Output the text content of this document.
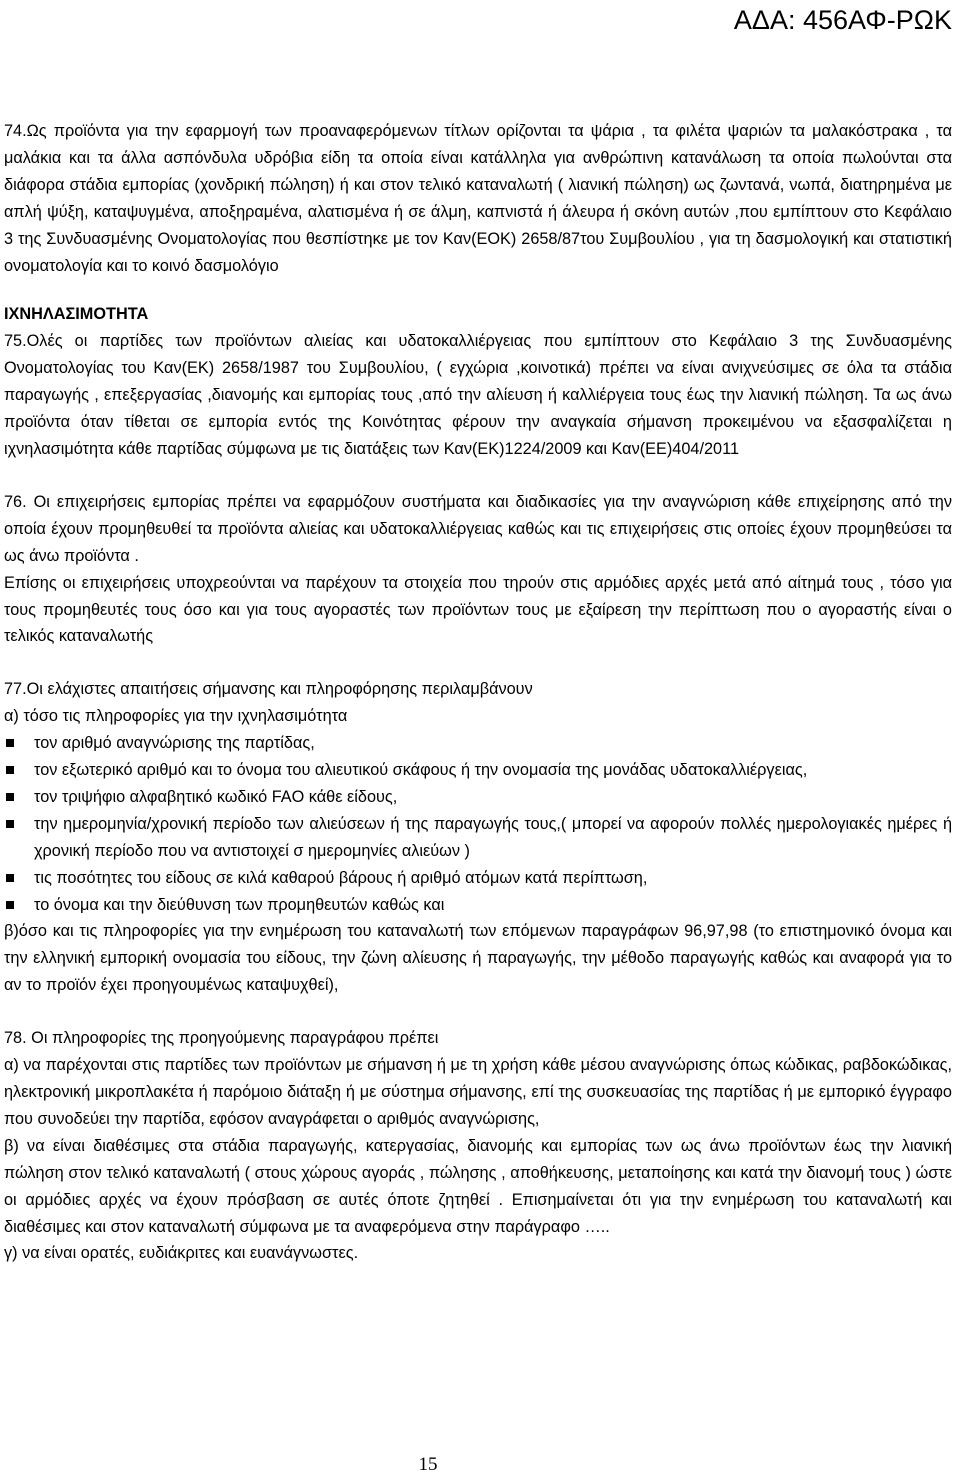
ΑΔΑ: 456ΑΦ-ΡΩΚ

74.Ως προϊόντα για την εφαρμογή των προαναφερόμενων τίτλων ορίζονται τα ψάρια , τα φιλέτα ψαριών τα μαλακόστρακα , τα μαλάκια και τα άλλα ασπόνδυλα υδρόβια είδη τα οποία είναι κατάλληλα για ανθρώπινη κατανάλωση τα οποία πωλούνται στα διάφορα στάδια εμπορίας (χονδρική πώληση) ή και στον τελικό καταναλωτή ( λιανική πώληση) ως ζωντανά, νωπά, διατηρημένα με απλή ψύξη, καταψυγμένα, αποξηραμένα, αλατισμένα ή σε άλμη, καπνιστά ή άλευρα ή σκόνη αυτών ,που εμπίπτουν στο Κεφάλαιο 3 της Συνδυασμένης Ονοματολογίας που θεσπίστηκε με τον Καν(ΕΟΚ) 2658/87του Συμβουλίου , για τη δασμολογική και στατιστική ονοματολογία και το κοινό δασμολόγιο

ΙΧΝΗΛΑΣΙΜΟΤΗΤΑ

75.Ολές οι παρτίδες των προϊόντων αλιείας και υδατοκαλλιέργειας που εμπίπτουν στο Κεφάλαιο 3 της Συνδυασμένης Ονοματολογίας του Καν(ΕΚ) 2658/1987 του Συμβουλίου, ( εγχώρια ,κοινοτικά) πρέπει να είναι ανιχνεύσιμες σε όλα τα στάδια παραγωγής , επεξεργασίας ,διανομής και εμπορίας τους ,από την αλίευση ή καλλιέργεια τους έως την λιανική πώληση. Τα ως άνω προϊόντα όταν τίθεται σε εμπορία εντός της Κοινότητας φέρουν την αναγκαία σήμανση προκειμένου να εξασφαλίζεται η ιχνηλασιμότητα κάθε παρτίδας σύμφωνα με τις διατάξεις των Καν(ΕΚ)1224/2009 και Καν(ΕΕ)404/2011

76. Οι επιχειρήσεις εμπορίας πρέπει να εφαρμόζουν συστήματα και διαδικασίες για την αναγνώριση κάθε επιχείρησης από την οποία έχουν προμηθευθεί τα προϊόντα αλιείας και υδατοκαλλιέργειας καθώς και τις επιχειρήσεις στις οποίες έχουν προμηθεύσει τα ως άνω προϊόντα .

Επίσης οι επιχειρήσεις υποχρεούνται να παρέχουν τα στοιχεία που τηρούν στις αρμόδιες αρχές μετά από αίτημά τους , τόσο για τους προμηθευτές τους όσο και για τους αγοραστές των προϊόντων τους με εξαίρεση την περίπτωση που ο αγοραστής είναι ο τελικός καταναλωτής

77.Οι ελάχιστες απαιτήσεις σήμανσης και πληροφόρησης περιλαμβάνουν

α) τόσο τις πληροφορίες για την ιχνηλασιμότητα

τον αριθμό αναγνώρισης της παρτίδας,
τον εξωτερικό αριθμό και το όνομα του αλιευτικού σκάφους ή την ονομασία της μονάδας υδατοκαλλιέργειας,
τον τριψήφιο αλφαβητικό κωδικό FAO κάθε είδους,
την ημερομηνία/χρονική περίοδο των αλιεύσεων ή της παραγωγής τους,( μπορεί να αφορούν πολλές ημερολογιακές ημέρες ή χρονική περίοδο που να αντιστοιχεί σ ημερομηνίες αλιεύων )
τις ποσότητες του είδους σε κιλά καθαρού βάρους ή αριθμό ατόμων κατά περίπτωση,
το όνομα και την διεύθυνση των προμηθευτών καθώς και

β)όσο και τις πληροφορίες για την ενημέρωση του καταναλωτή των επόμενων παραγράφων 96,97,98 (το επιστημονικό όνομα και την ελληνική εμπορική ονομασία του είδους, την ζώνη αλίευσης ή παραγωγής, την μέθοδο παραγωγής καθώς και αναφορά για το αν το προϊόν έχει προηγουμένως καταψυχθεί),

78. Οι πληροφορίες της προηγούμενης παραγράφου πρέπει

α) να παρέχονται στις παρτίδες των προϊόντων με σήμανση ή με τη χρήση κάθε μέσου αναγνώρισης όπως κώδικας, ραβδοκώδικας, ηλεκτρονική μικροπλακέτα ή παρόμοιο διάταξη ή με σύστημα σήμανσης, επί της συσκευασίας της παρτίδας ή με εμπορικό έγγραφο που συνοδεύει την παρτίδα, εφόσον αναγράφεται ο αριθμός αναγνώρισης,

β) να είναι διαθέσιμες στα στάδια παραγωγής, κατεργασίας, διανομής και εμπορίας των ως άνω προϊόντων έως την λιανική πώληση στον τελικό καταναλωτή ( στους χώρους αγοράς , πώλησης , αποθήκευσης, μεταποίησης και κατά την διανομή τους ) ώστε οι αρμόδιες αρχές να έχουν πρόσβαση σε αυτές όποτε ζητηθεί . Επισημαίνεται ότι για την ενημέρωση του καταναλωτή και διαθέσιμες και στον καταναλωτή σύμφωνα με τα αναφερόμενα στην παράγραφο …..

γ) να είναι ορατές, ευδιάκριτες και ευανάγνωστες.

15
